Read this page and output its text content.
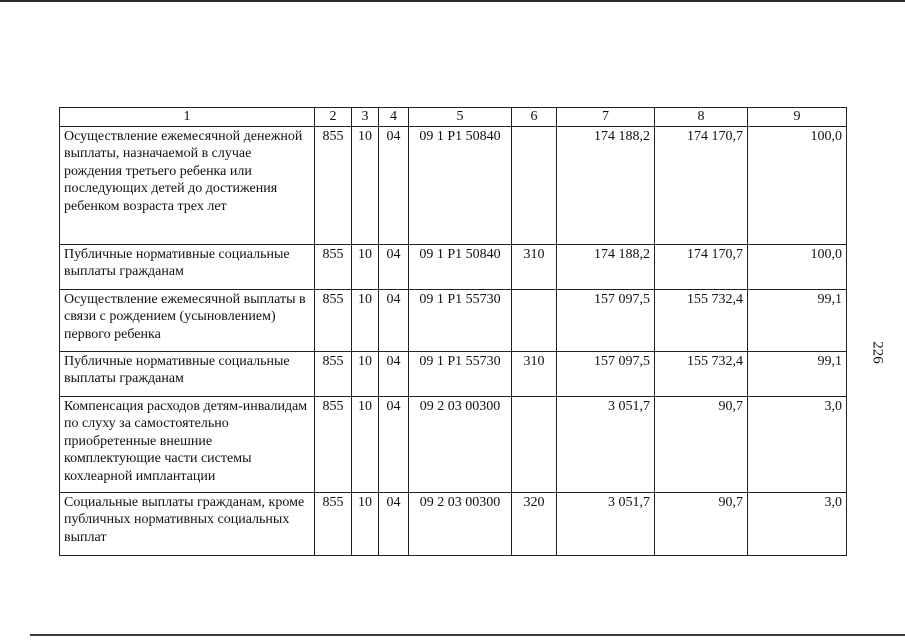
1	2	3	4	5	6	7	8	9
Осуществление ежемесячной денежной выплаты, назначаемой в случае рождения третьего ребенка или последующих детей до достижения ребенком возраста трех лет	855	10	04	09 1 P1 50840		174 188,2	174 170,7	100,0
Публичные нормативные социальные выплаты гражданам	855	10	04	09 1 P1 50840	310	174 188,2	174 170,7	100,0
Осуществление ежемесячной выплаты в связи с рождением (усыновлением) первого ребенка	855	10	04	09 1 P1 55730		157 097,5	155 732,4	99,1
Публичные нормативные социальные выплаты гражданам	855	10	04	09 1 P1 55730	310	157 097,5	155 732,4	99,1
Компенсация расходов детям-инвалидам по слуху за самостоятельно приобретенные внешние комплектующие части системы кохлеарной имплантации	855	10	04	09 2 03 00300		3 051,7	90,7	3,0
Социальные выплаты гражданам, кроме публичных нормативных социальных выплат	855	10	04	09 2 03 00300	320	3 051,7	90,7	3,0
226
